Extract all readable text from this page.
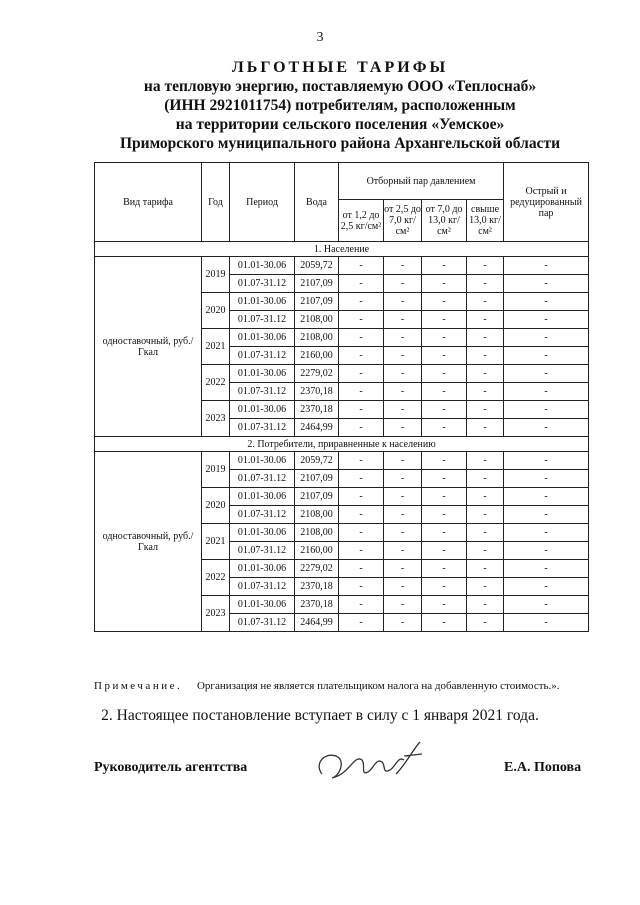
3
ЛЬГОТНЫЕ ТАРИФЫ
на тепловую энергию, поставляемую ООО «Теплоснаб»
(ИНН 2921011754) потребителям, расположенным
на территории сельского поселения «Уемское»
Приморского муниципального района Архангельской области
Вид тарифа	Год	Период	Вода	Отборный пар давлением				Острый и редуцированный пар
				от 1,2 до 2,5 кг/см²	от 2,5 до 7,0 кг/см²	от 7,0 до 13,0 кг/см²	свыше 13,0 кг/см²	
1. Население								
одноставочный, руб./Гкал	2019	01.01-30.06	2059,72	-	-	-	-	-
		01.07-31.12	2107,09	-	-	-	-	-
	2020	01.01-30.06	2107,09	-	-	-	-	-
		01.07-31.12	2108,00	-	-	-	-	-
	2021	01.01-30.06	2108,00	-	-	-	-	-
		01.07-31.12	2160,00	-	-	-	-	-
	2022	01.01-30.06	2279,02	-	-	-	-	-
		01.07-31.12	2370,18	-	-	-	-	-
	2023	01.01-30.06	2370,18	-	-	-	-	-
		01.07-31.12	2464,99	-	-	-	-	-
2. Потребители, приравненные к населению								
одноставочный, руб./Гкал	2019	01.01-30.06	2059,72	-	-	-	-	-
		01.07-31.12	2107,09	-	-	-	-	-
	2020	01.01-30.06	2107,09	-	-	-	-	-
		01.07-31.12	2108,00	-	-	-	-	-
	2021	01.01-30.06	2108,00	-	-	-	-	-
		01.07-31.12	2160,00	-	-	-	-	-
	2022	01.01-30.06	2279,02	-	-	-	-	-
		01.07-31.12	2370,18	-	-	-	-	-
	2023	01.01-30.06	2370,18	-	-	-	-	-
		01.07-31.12	2464,99	-	-	-	-	-
Примечание. Организация не является плательщиком налога на добавленную стоимость.».
2. Настоящее постановление вступает в силу с 1 января 2021 года.
Руководитель агентства	Е.А. Попова
